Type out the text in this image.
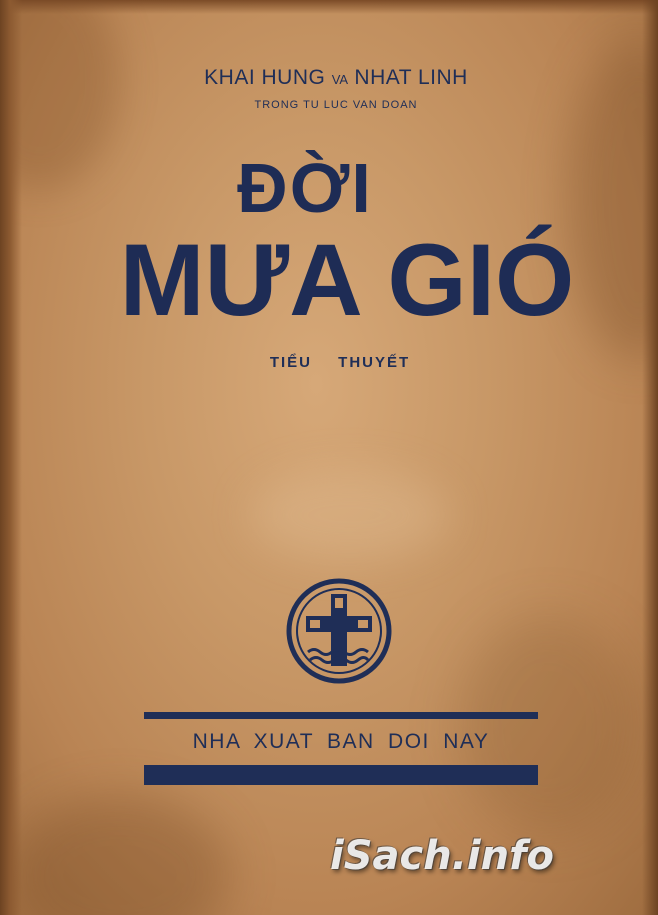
KHAI HUNG VA NHAT LINH
TRONG TU LUC VAN DOAN
ĐỜI
MƯA GIÓ
TIỂU THUYẾT
NHA XUAT BAN DOI NAY
iSach.info
